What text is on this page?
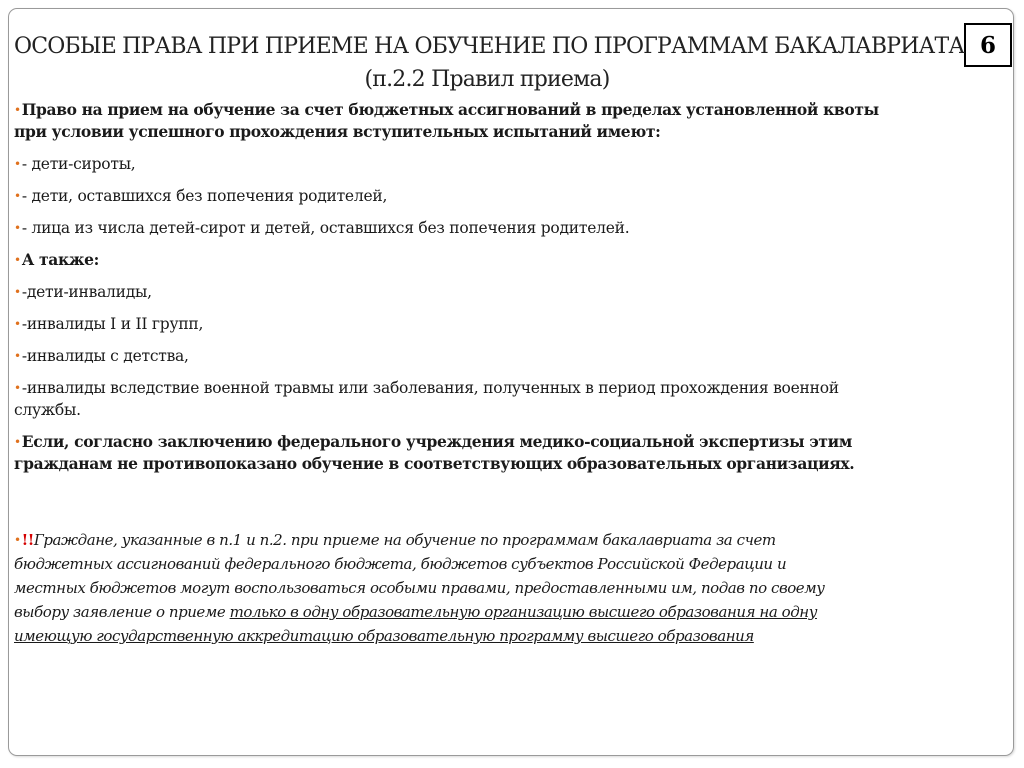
6
ОСОБЫЕ ПРАВА ПРИ ПРИЕМЕ НА ОБУЧЕНИЕ ПО ПРОГРАММАМ БАКАЛАВРИАТА
(п.2.2 Правил приема)

•Право на прием на обучение за счет бюджетных ассигнований в пределах установленной квоты
при условии успешного прохождения вступительных испытаний имеют:

•- дети-сироты,

•- дети, оставшихся без попечения родителей,

•- лица из числа детей-сирот и детей, оставшихся без попечения родителей.

•А также:

•-дети-инвалиды,

•-инвалиды I и II групп,

•-инвалиды с детства,

•-инвалиды вследствие военной травмы или заболевания, полученных в период прохождения военной
службы.

•Если, согласно заключению федерального учреждения медико-социальной экспертизы этим
гражданам не противопоказано обучение в соответствующих образовательных организациях.

•!!Граждане, указанные в п.1 и п.2. при приеме на обучение по программам бакалавриата за счет
бюджетных ассигнований федерального бюджета, бюджетов субъектов Российской Федерации и
местных бюджетов могут воспользоваться особыми правами, предоставленными им, подав по своему
выбору заявление о приеме только в одну образовательную организацию высшего образования на одну
имеющую государственную аккредитацию образовательную программу высшего образования
